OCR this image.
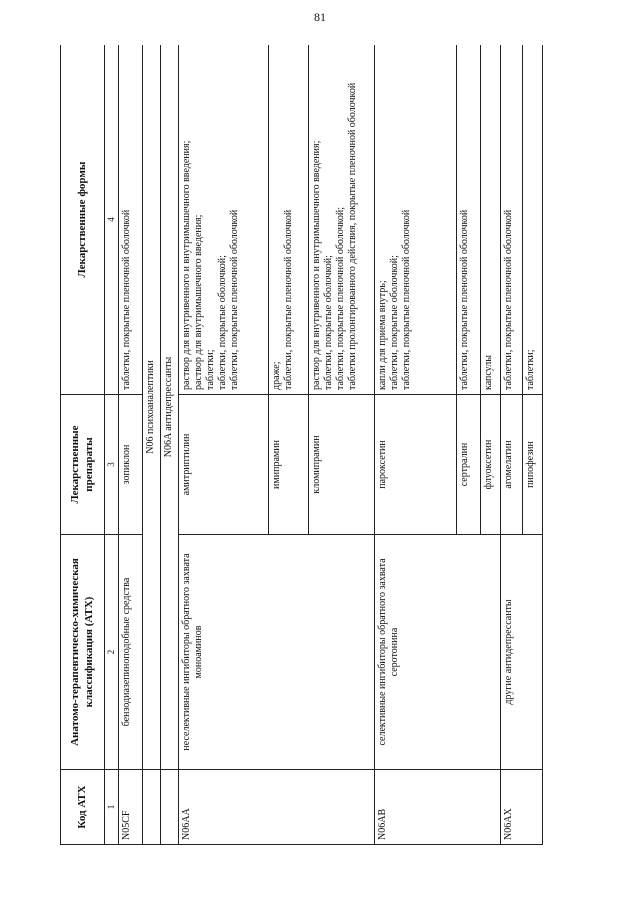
81
Код АТХ	Анатомо-терапевтическо-химическая классификация (АТХ)	Лекарственные препараты	Лекарственные формы
1	2	3	4
N05CF	бензодиазепиноподобные средства	зопиклон	таблетки, покрытые пленочной оболочкой
	N06 психоаналептики		
	N06A антидепрессанты		
N06AA	неселективные ингибиторы обратного захвата моноаминов	амитриптилин	раствор для внутривенного и внутримышечного введения;
раствор для внутримышечного введения;
таблетки;
таблетки, покрытые оболочкой;
таблетки, покрытые пленочной оболочкой
		имипрамин	драже;
таблетки, покрытые пленочной оболочкой
		кломипрамин	раствор для внутривенного и внутримышечного введения;
таблетки, покрытые оболочкой;
таблетки, покрытые пленочной оболочкой;
таблетки пролонгированного действия, покрытые пленочной оболочкой
N06AB	селективные ингибиторы обратного захвата серотонина	пароксетин	капли для приема внутрь;
таблетки, покрытые оболочкой;
таблетки, покрытые пленочной оболочкой
		сертралин	таблетки, покрытые пленочной оболочкой
		флуоксетин	капсулы
N06AX	другие антидепрессанты	агомелатин	таблетки, покрытые пленочной оболочкой
		пипофезин	таблетки;
